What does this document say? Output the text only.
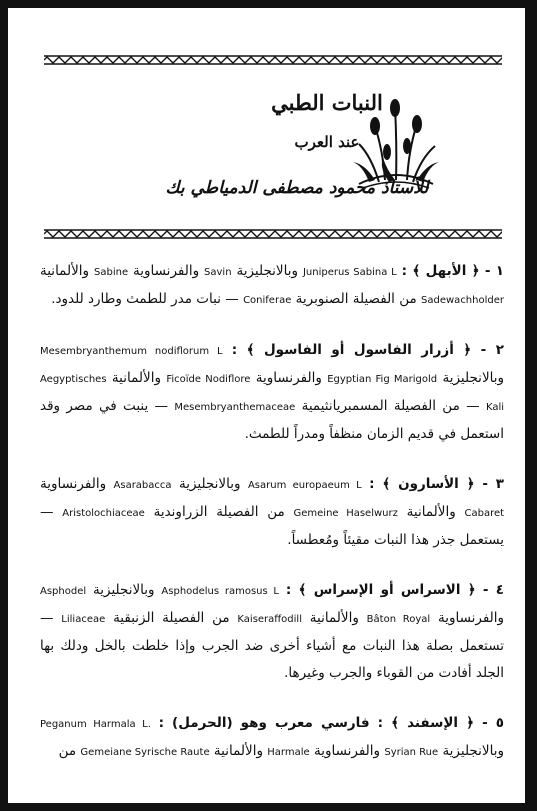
النبات الطبي
عند العرب
للأستاذ محمود مصطفى الدمياطي بك

١ - ﴿ الأبهل ﴾ : Juniperus Sabina L وبالانجليزية Savin والفرنساوية Sabine والألمانية Sadewachholder من الفصيلة الصنوبرية Coniferae — نبات مدر للطمث وطارد للدود.

٢ - ﴿ أزرار الفاسول أو الفاسول ﴾ : Mesembryanthemum nodiflorum L وبالانجليزية Egyptian Fig Marigold والفرنساوية Ficoïde Nodiflore والألمانية Aegyptisches Kali — من الفصيلة المسمبريانثيمية Mesembryanthemaceae — ينبت في مصر وقد استعمل في قديم الزمان منظفاً ومدراً للطمث.

٣ - ﴿ الأسارون ﴾ : Asarum europaeum L وبالانجليزية Asarabacca والفرنساوية Cabaret والألمانية Gemeine Haselwurz من الفصيلة الزراوندية Aristolochiaceae — يستعمل جذر هذا النبات مقيئاً ومُعطساً.

٤ - ﴿ الاسراس أو الإسراس ﴾ : Asphodelus ramosus L وبالانجليزية Asphodel والفرنساوية Bâton Royal والألمانية Kaiseraffodill من الفصيلة الزنبقية Liliaceae — تستعمل بصلة هذا النبات مع أشياء أخرى ضد الجرب وإذا خلطت بالخل ودلك بها الجلد أفادت من القوباء والجرب وغيرها.

٥ - ﴿ الإسفند ﴾ : فارسي معرب وهو (الحرمل) : Peganum Harmala L. وبالانجليزية Syrian Rue والفرنساوية Harmale والألمانية Gemeiane Syrische Raute من
